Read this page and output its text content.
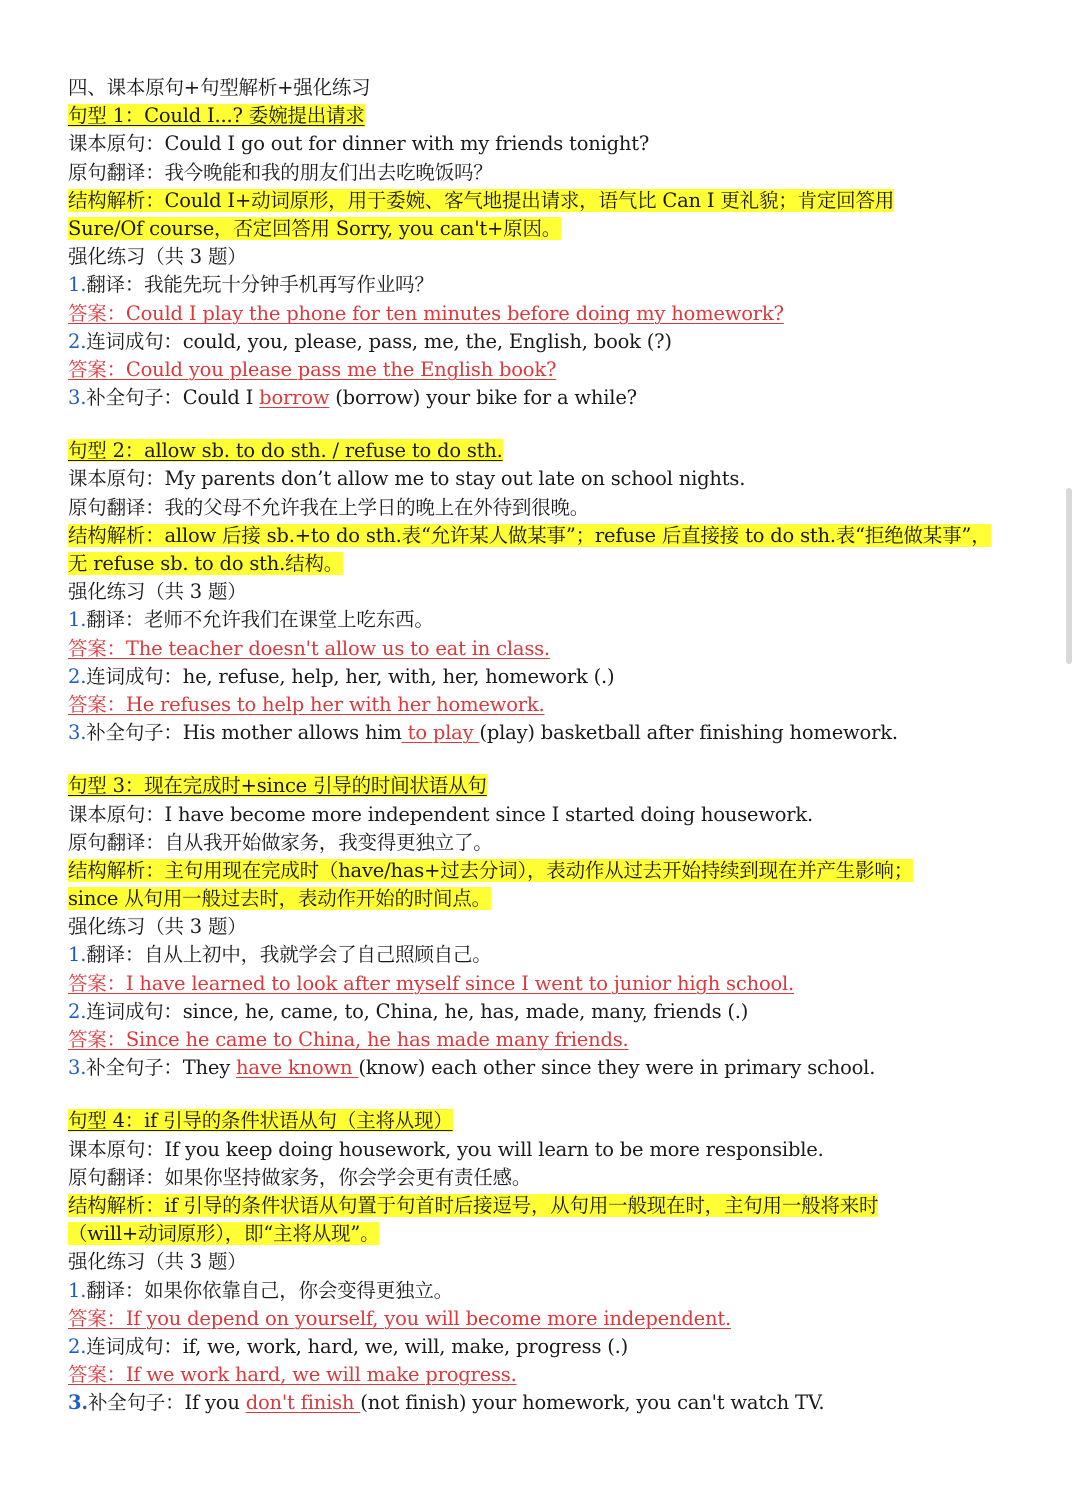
四、课本原句+句型解析+强化练习
句型 1：Could I...? 委婉提出请求
课本原句：Could I go out for dinner with my friends tonight?
原句翻译：我今晚能和我的朋友们出去吃晚饭吗？
结构解析：Could I+动词原形，用于委婉、客气地提出请求，语气比 Can I 更礼貌；肯定回答用
Sure/Of course，否定回答用 Sorry, you can't+原因。
强化练习（共 3 题）
1.翻译：我能先玩十分钟手机再写作业吗？
答案：Could I play the phone for ten minutes before doing my homework?
2.连词成句：could, you, please, pass, me, the, English, book (?)
答案：Could you please pass me the English book?
3.补全句子：Could I borrow (borrow) your bike for a while?
句型 2：allow sb. to do sth. / refuse to do sth.
课本原句：My parents don’t allow me to stay out late on school nights.
原句翻译：我的父母不允许我在上学日的晚上在外待到很晚。
结构解析：allow 后接 sb.+to do sth.表“允许某人做某事”；refuse 后直接接 to do sth.表“拒绝做某事”，
无 refuse sb. to do sth.结构。
强化练习（共 3 题）
1.翻译：老师不允许我们在课堂上吃东西。
答案：The teacher doesn't allow us to eat in class.
2.连词成句：he, refuse, help, her, with, her, homework (.)
答案：He refuses to help her with her homework.
3.补全句子：His mother allows him to play (play) basketball after finishing homework.
句型 3：现在完成时+since 引导的时间状语从句
课本原句：I have become more independent since I started doing housework.
原句翻译：自从我开始做家务，我变得更独立了。
结构解析：主句用现在完成时（have/has+过去分词），表动作从过去开始持续到现在并产生影响；
since 从句用一般过去时，表动作开始的时间点。
强化练习（共 3 题）
1.翻译：自从上初中，我就学会了自己照顾自己。
答案：I have learned to look after myself since I went to junior high school.
2.连词成句：since, he, came, to, China, he, has, made, many, friends (.)
答案：Since he came to China, he has made many friends.
3.补全句子：They have known (know) each other since they were in primary school.
句型 4：if 引导的条件状语从句（主将从现）
课本原句：If you keep doing housework, you will learn to be more responsible.
原句翻译：如果你坚持做家务，你会学会更有责任感。
结构解析：if 引导的条件状语从句置于句首时后接逗号，从句用一般现在时，主句用一般将来时
（will+动词原形），即“主将从现”。
强化练习（共 3 题）
1.翻译：如果你依靠自己，你会变得更独立。
答案：If you depend on yourself, you will become more independent.
2.连词成句：if, we, work, hard, we, will, make, progress (.)
答案：If we work hard, we will make progress.
3.补全句子：If you don't finish (not finish) your homework, you can't watch TV.
